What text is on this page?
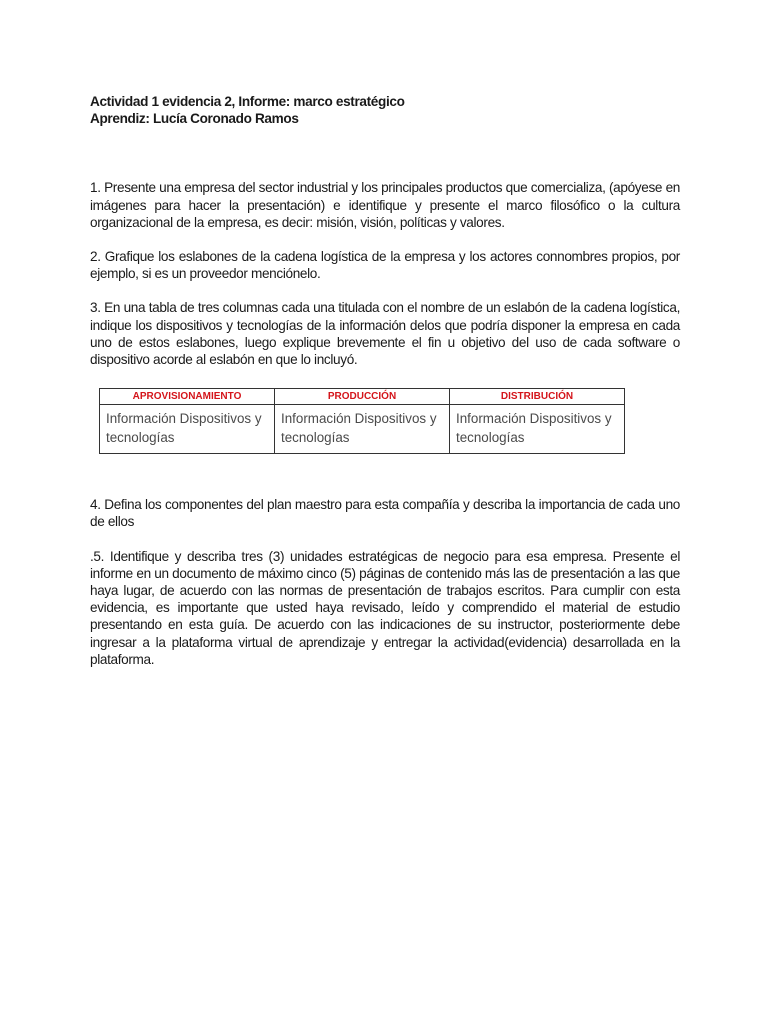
Actividad 1 evidencia 2, Informe: marco estratégico
Aprendiz: Lucía Coronado Ramos

1. Presente una empresa del sector industrial y los principales productos que comercializa, (apóyese en imágenes para hacer la presentación) e identifique y presente el marco filosófico o la cultura organizacional de la empresa, es decir: misión, visión, políticas y valores.

2. Grafique los eslabones de la cadena logística de la empresa y los actores connombres propios, por ejemplo, si es un proveedor menciónelo.

3. En una tabla de tres columnas cada una titulada con el nombre de un eslabón de la cadena logística, indique los dispositivos y tecnologías de la información delos que podría disponer la empresa en cada uno de estos eslabones, luego explique brevemente el fin u objetivo del uso de cada software o dispositivo acorde al eslabón en que lo incluyó.

APROVISIONAMIENTO	PRODUCCIÓN	DISTRIBUCIÓN
Información Dispositivos y tecnologías	Información Dispositivos y tecnologías	Información Dispositivos y tecnologías

4. Defina los componentes del plan maestro para esta compañía y describa la importancia de cada uno de ellos

.5. Identifique y describa tres (3) unidades estratégicas de negocio para esa empresa. Presente el informe en un documento de máximo cinco (5) páginas de contenido más las de presentación a las que haya lugar, de acuerdo con las normas de presentación de trabajos escritos. Para cumplir con esta evidencia, es importante que usted haya revisado, leído y comprendido el material de estudio presentando en esta guía. De acuerdo con las indicaciones de su instructor, posteriormente debe ingresar a la plataforma virtual de aprendizaje y entregar la actividad(evidencia) desarrollada en la plataforma.
